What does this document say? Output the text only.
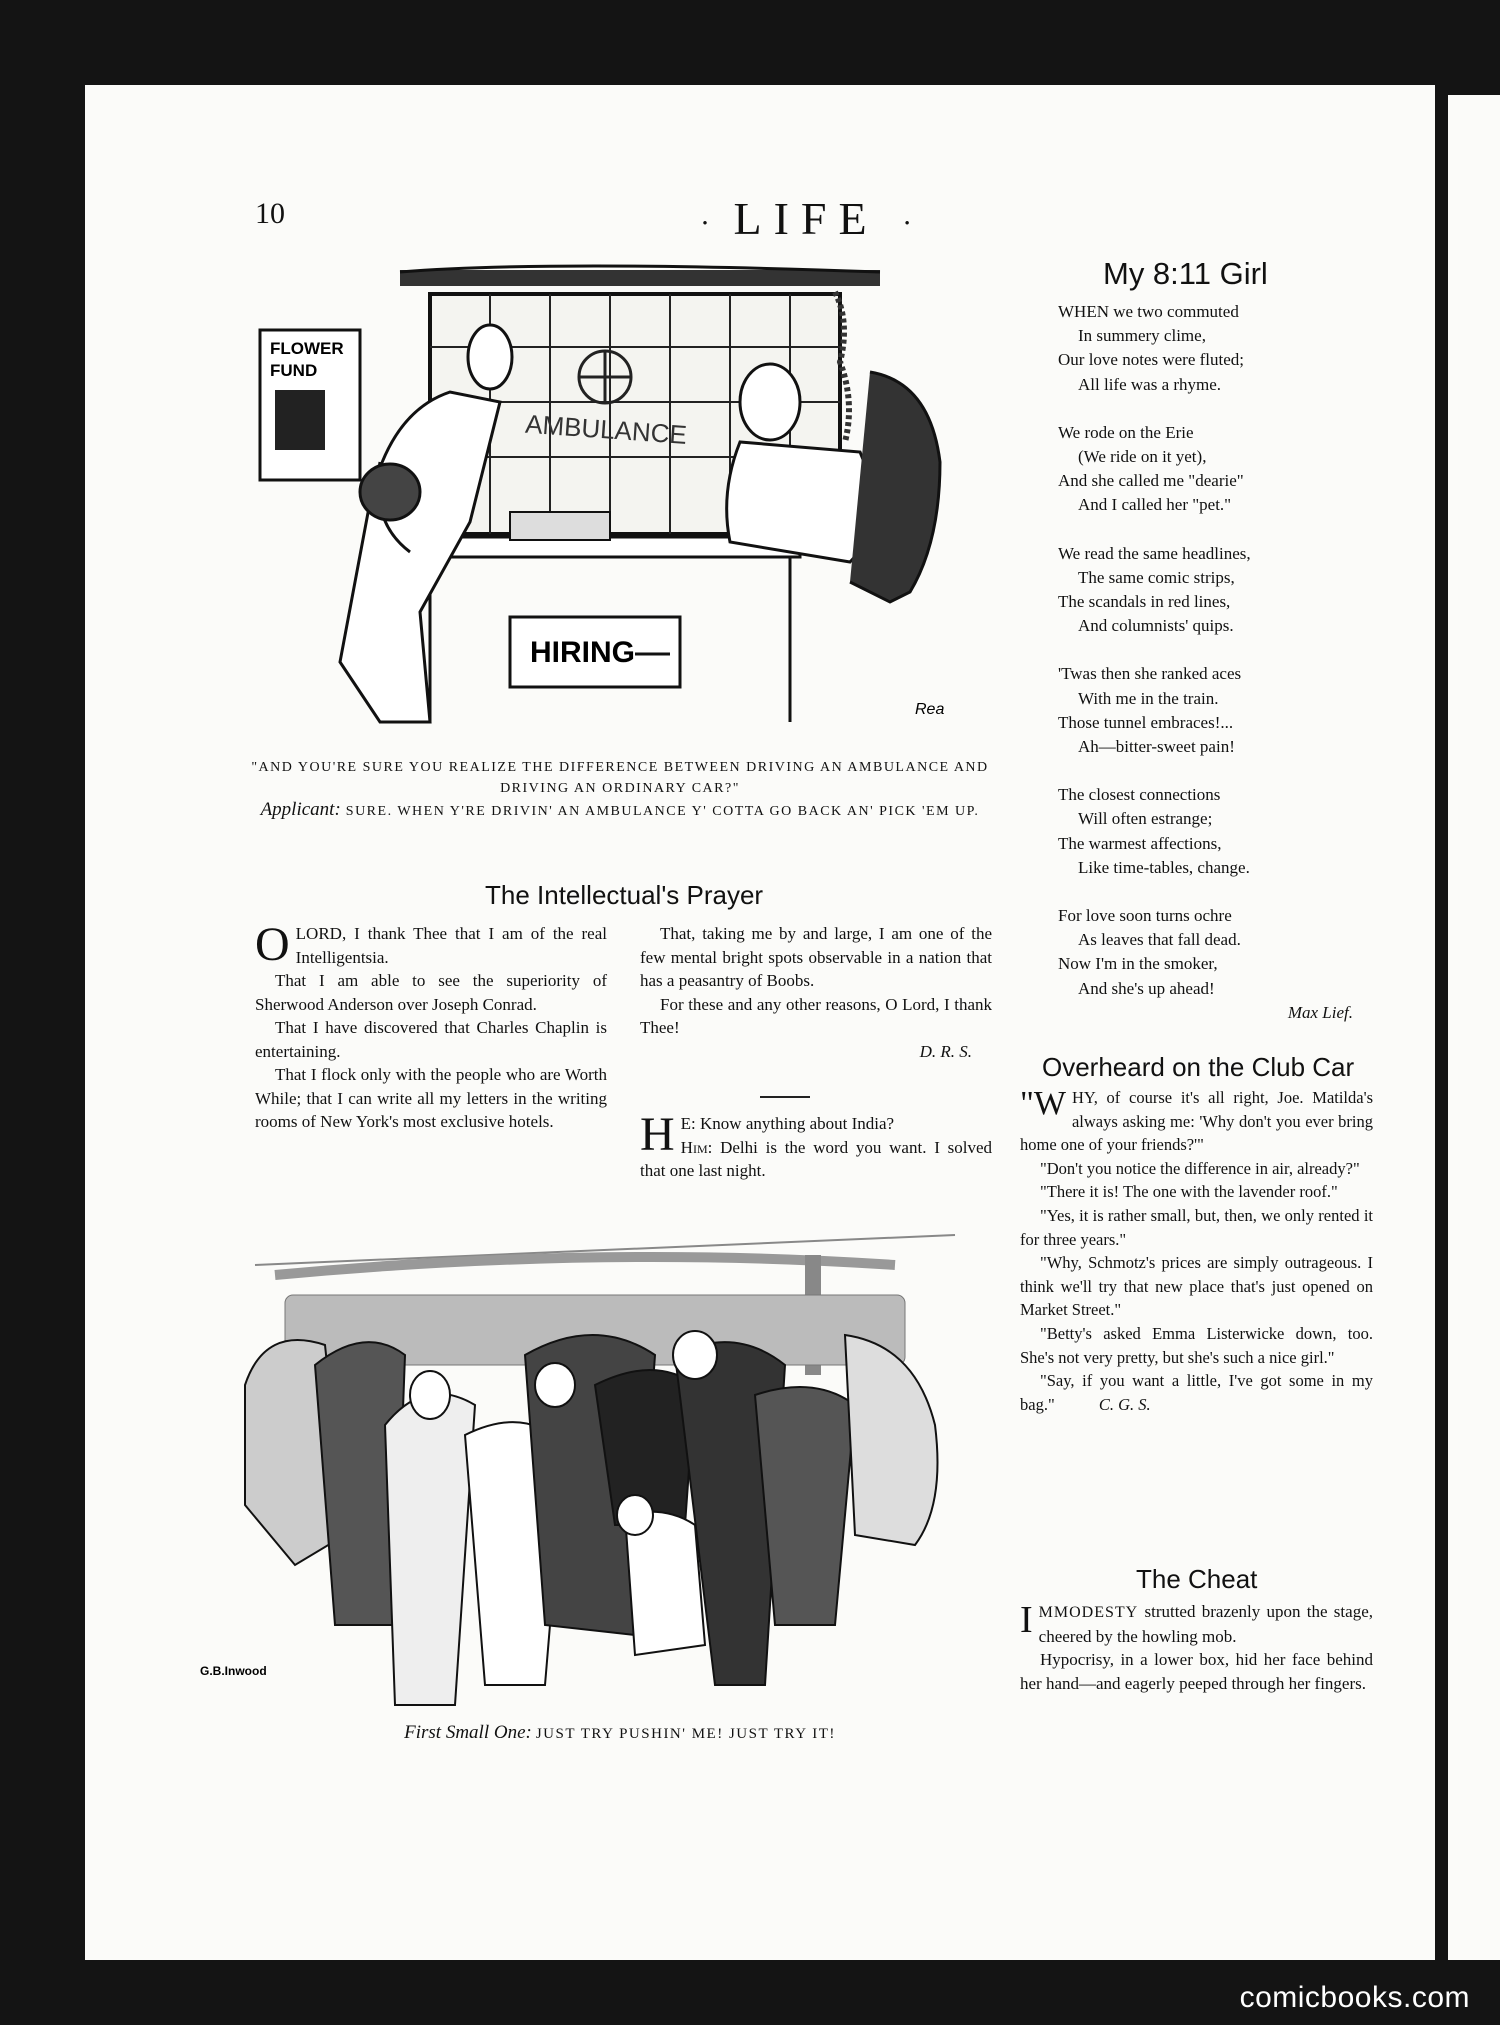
10	· LIFE ·
AMBULANCE
FLOWER
FUND
HIRING
Rea
"AND YOU'RE SURE YOU REALIZE THE DIFFERENCE BETWEEN DRIVING AN AMBULANCE AND DRIVING AN ORDINARY CAR?"
Applicant: SURE. WHEN Y'RE DRIVIN' AN AMBULANCE Y' COTTA GO BACK AN' PICK 'EM UP.
The Intellectual's Prayer

OLORD, I thank Thee that I am of the real Intelligentsia.

That I am able to see the superiority of Sherwood Anderson over Joseph Conrad.

That I have discovered that Charles Chaplin is entertaining.

That I flock only with the people who are Worth While; that I can write all my letters in the writing rooms of New York's most exclusive hotels.

That, taking me by and large, I am one of the few mental bright spots observable in a nation that has a peasantry of Boobs.

For these and any other reasons, O Lord, I thank Thee!

D. R. S.

H E: Know anything about India?
Him: Delhi is the word you want. I solved that one last night.

G.B.Inwood
First Small One: JUST TRY PUSHIN' ME! JUST TRY IT!
My 8:11 Girl
WHEN we two commuted
In summery clime,
Our love notes were fluted;
All life was a rhyme.
We rode on the Erie
(We ride on it yet),
And she called me "dearie"
And I called her "pet."
We read the same headlines,
The same comic strips,
The scandals in red lines,
And columnists' quips.
'Twas then she ranked aces
With me in the train.
Those tunnel embraces!...
Ah—bitter-sweet pain!
The closest connections
Will often estrange;
The warmest affections,
Like time-tables, change.
For love soon turns ochre
As leaves that fall dead.
Now I'm in the smoker,
And she's up ahead!
Max Lief.
Overheard on the Club Car

"WHY, of course it's all right, Joe. Matilda's always asking me: 'Why don't you ever bring home one of your friends?'"

"Don't you notice the difference in air, already?"

"There it is! The one with the lavender roof."

"Yes, it is rather small, but, then, we only rented it for three years."

"Why, Schmotz's prices are simply outrageous. I think we'll try that new place that's just opened on Market Street."

"Betty's asked Emma Listerwicke down, too. She's not very pretty, but she's such a nice girl."

"Say, if you want a little, I've got some in my bag."	C. G. S.

The Cheat

IMMODESTY strutted brazenly upon the stage, cheered by the howling mob.

Hypocrisy, in a lower box, hid her face behind her hand—and eagerly peeped through her fingers.

comicbooks.com
